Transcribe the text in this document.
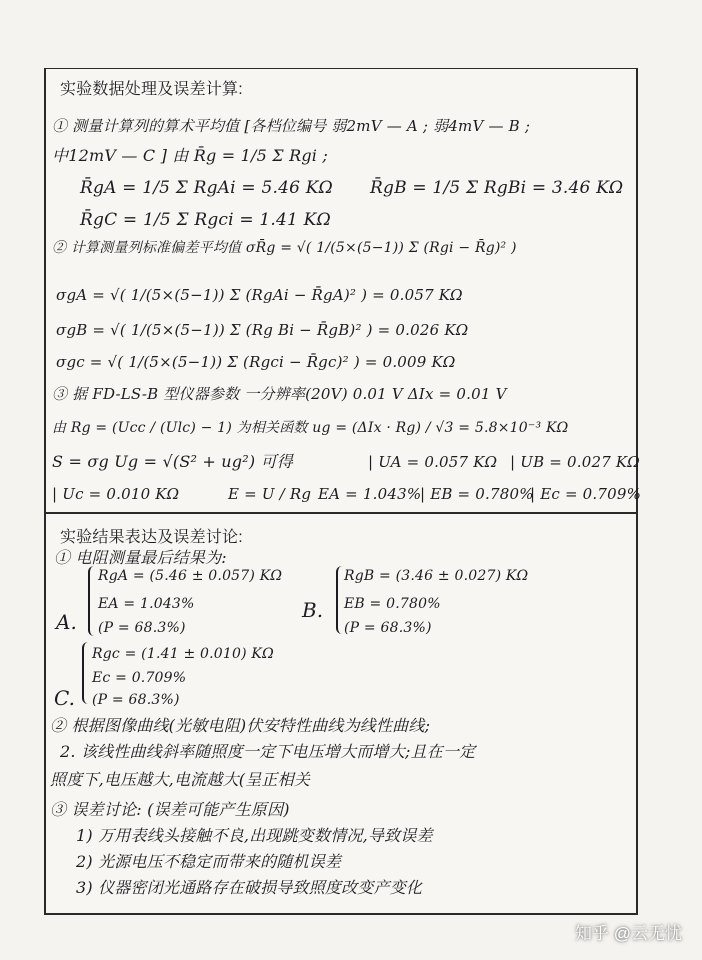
实验数据处理及误差计算:
① 测量计算列的算术平均值 [各档位编号 弱2mV — A ; 弱4mV — B ;
中12mV — C ] 由 R̄g = 1/5 Σ Rgi ;
R̄gA = 1/5 Σ RgAi = 5.46 KΩ R̄gB = 1/5 Σ RgBi = 3.46 KΩ
R̄gC = 1/5 Σ Rgci = 1.41 KΩ
② 计算测量列标准偏差平均值 σR̄g = √( 1/(5×(5−1)) Σ (Rgi − R̄g)² )
σgA = √( 1/(5×(5−1)) Σ (RgAi − R̄gA)² ) = 0.057 KΩ
σgB = √( 1/(5×(5−1)) Σ (Rg Bi − R̄gB)² ) = 0.026 KΩ
σgc = √( 1/(5×(5−1)) Σ (Rgci − R̄gc)² ) = 0.009 KΩ
③ 据 FD-LS-B 型仪器参数 一分辨率(20V) 0.01 V ΔIx = 0.01 V
由 Rg = (Ucc / (Ulc) − 1) 为相关函数 ug = (ΔIx · Rg) / √3 = 5.8×10⁻³ KΩ
S = σg Ug = √(S² + ug²) 可得	| UA = 0.057 KΩ | UB = 0.027 KΩ
| Uc = 0.010 KΩ	E = U / Rg EA = 1.043%
| EB = 0.780%
| Ec = 0.709%
实验结果表达及误差讨论:
① 电阻测量最后结果为:
A.
RgA = (5.46 ± 0.057) KΩ
EA = 1.043%
(P = 68.3%)
B.
RgB = (3.46 ± 0.027) KΩ
EB = 0.780%
(P = 68.3%)
C.
Rgc = (1.41 ± 0.010) KΩ
Ec = 0.709%
(P = 68.3%)
② 根据图像曲线(光敏电阻)伏安特性曲线为线性曲线;
2. 该线性曲线斜率随照度一定下电压增大而增大;且在一定
照度下,电压越大,电流越大(呈正相关
③ 误差讨论: (误差可能产生原因)
1) 万用表线头接触不良,出现跳变数情况,导致误差
2) 光源电压不稳定而带来的随机误差
3) 仪器密闭光通路存在破损导致照度改变产变化
知乎 @云无忧
